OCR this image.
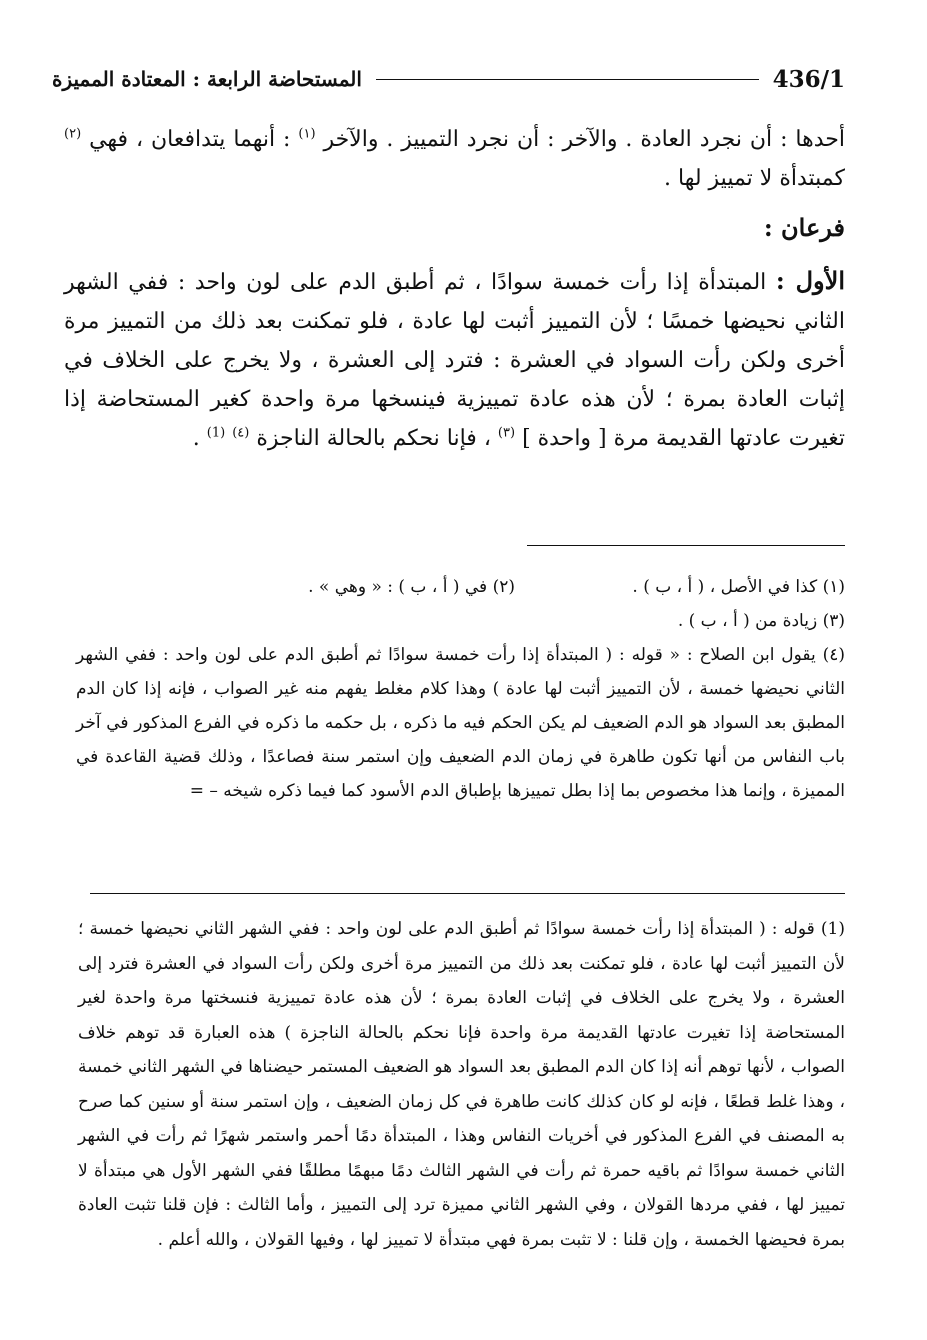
المستحاضة الرابعة : المعتادة المميزة	436/1

أحدها : أن نجرد العادة . والآخر : أن نجرد التمييز . والآخر $^{(١)}$ : أنهما يتدافعان ، فهي $^{(٢)}$ كمبتدأة لا تمييز لها .

فرعان :

الأول : المبتدأة إذا رأت خمسة سوادًا ، ثم أطبق الدم على لون واحد : ففي الشهر الثاني نحيضها خمسًا ؛ لأن التمييز أثبت لها عادة ، فلو تمكنت بعد ذلك من التمييز مرة أخرى ولكن رأت السواد في العشرة : فترد إلى العشرة ، ولا يخرج على الخلاف في إثبات العادة بمرة ؛ لأن هذه عادة تمييزية فينسخها مرة واحدة كغير المستحاضة إذا تغيرت عادتها القديمة مرة [ واحدة ] $^{(٣)}$ ، فإنا نحكم بالحالة الناجزة $^{(٤)}$ $^{(1)}$ .

(١) كذا في الأصل ، ( أ ، ب ) .
(٢) في ( أ ، ب ) : « وهي » .

(٣) زيادة من ( أ ، ب ) .

(٤) يقول ابن الصلاح : « قوله : ( المبتدأة إذا رأت خمسة سوادًا ثم أطبق الدم على لون واحد : ففي الشهر الثاني نحيضها خمسة ، لأن التمييز أثبت لها عادة ) وهذا كلام مغلط يفهم منه غير الصواب ، فإنه إذا كان الدم المطبق بعد السواد هو الدم الضعيف لم يكن الحكم فيه ما ذكره ، بل حكمه ما ذكره في الفرع المذكور في آخر باب النفاس من أنها تكون طاهرة في زمان الدم الضعيف وإن استمر سنة فصاعدًا ، وذلك قضية القاعدة في المميزة ، وإنما هذا مخصوص بما إذا بطل تمييزها بإطباق الدم الأسود كما فيما ذكره شيخه – =

(1) قوله : ( المبتدأة إذا رأت خمسة سوادًا ثم أطبق الدم على لون واحد : ففي الشهر الثاني نحيضها خمسة ؛ لأن التمييز أثبت لها عادة ، فلو تمكنت بعد ذلك من التمييز مرة أخرى ولكن رأت السواد في العشرة فترد إلى العشرة ، ولا يخرج على الخلاف في إثبات العادة بمرة ؛ لأن هذه عادة تمييزية فنسختها مرة واحدة لغير المستحاضة إذا تغيرت عادتها القديمة مرة واحدة فإنا نحكم بالحالة الناجزة ) هذه العبارة قد توهم خلاف الصواب ، لأنها توهم أنه إذا كان الدم المطبق بعد السواد هو الضعيف المستمر حيضناها في الشهر الثاني خمسة ، وهذا غلط قطعًا ، فإنه لو كان كذلك كانت طاهرة في كل زمان الضعيف ، وإن استمر سنة أو سنين كما صرح به المصنف في الفرع المذكور في أخريات النفاس وهذا ، المبتدأة دمًا أحمر واستمر شهرًا ثم رأت في الشهر الثاني خمسة سوادًا ثم باقيه حمرة ثم رأت في الشهر الثالث دمًا مبهمًا مطلقًا ففي الشهر الأول هي مبتدأة لا تمييز لها ، ففي مردها القولان ، وفي الشهر الثاني مميزة ترد إلى التمييز ، وأما الثالث : فإن قلنا تثبت العادة بمرة فحيضها الخمسة ، وإن قلنا : لا تثبت بمرة فهي مبتدأة لا تمييز لها ، وفيها القولان ، والله أعلم .
